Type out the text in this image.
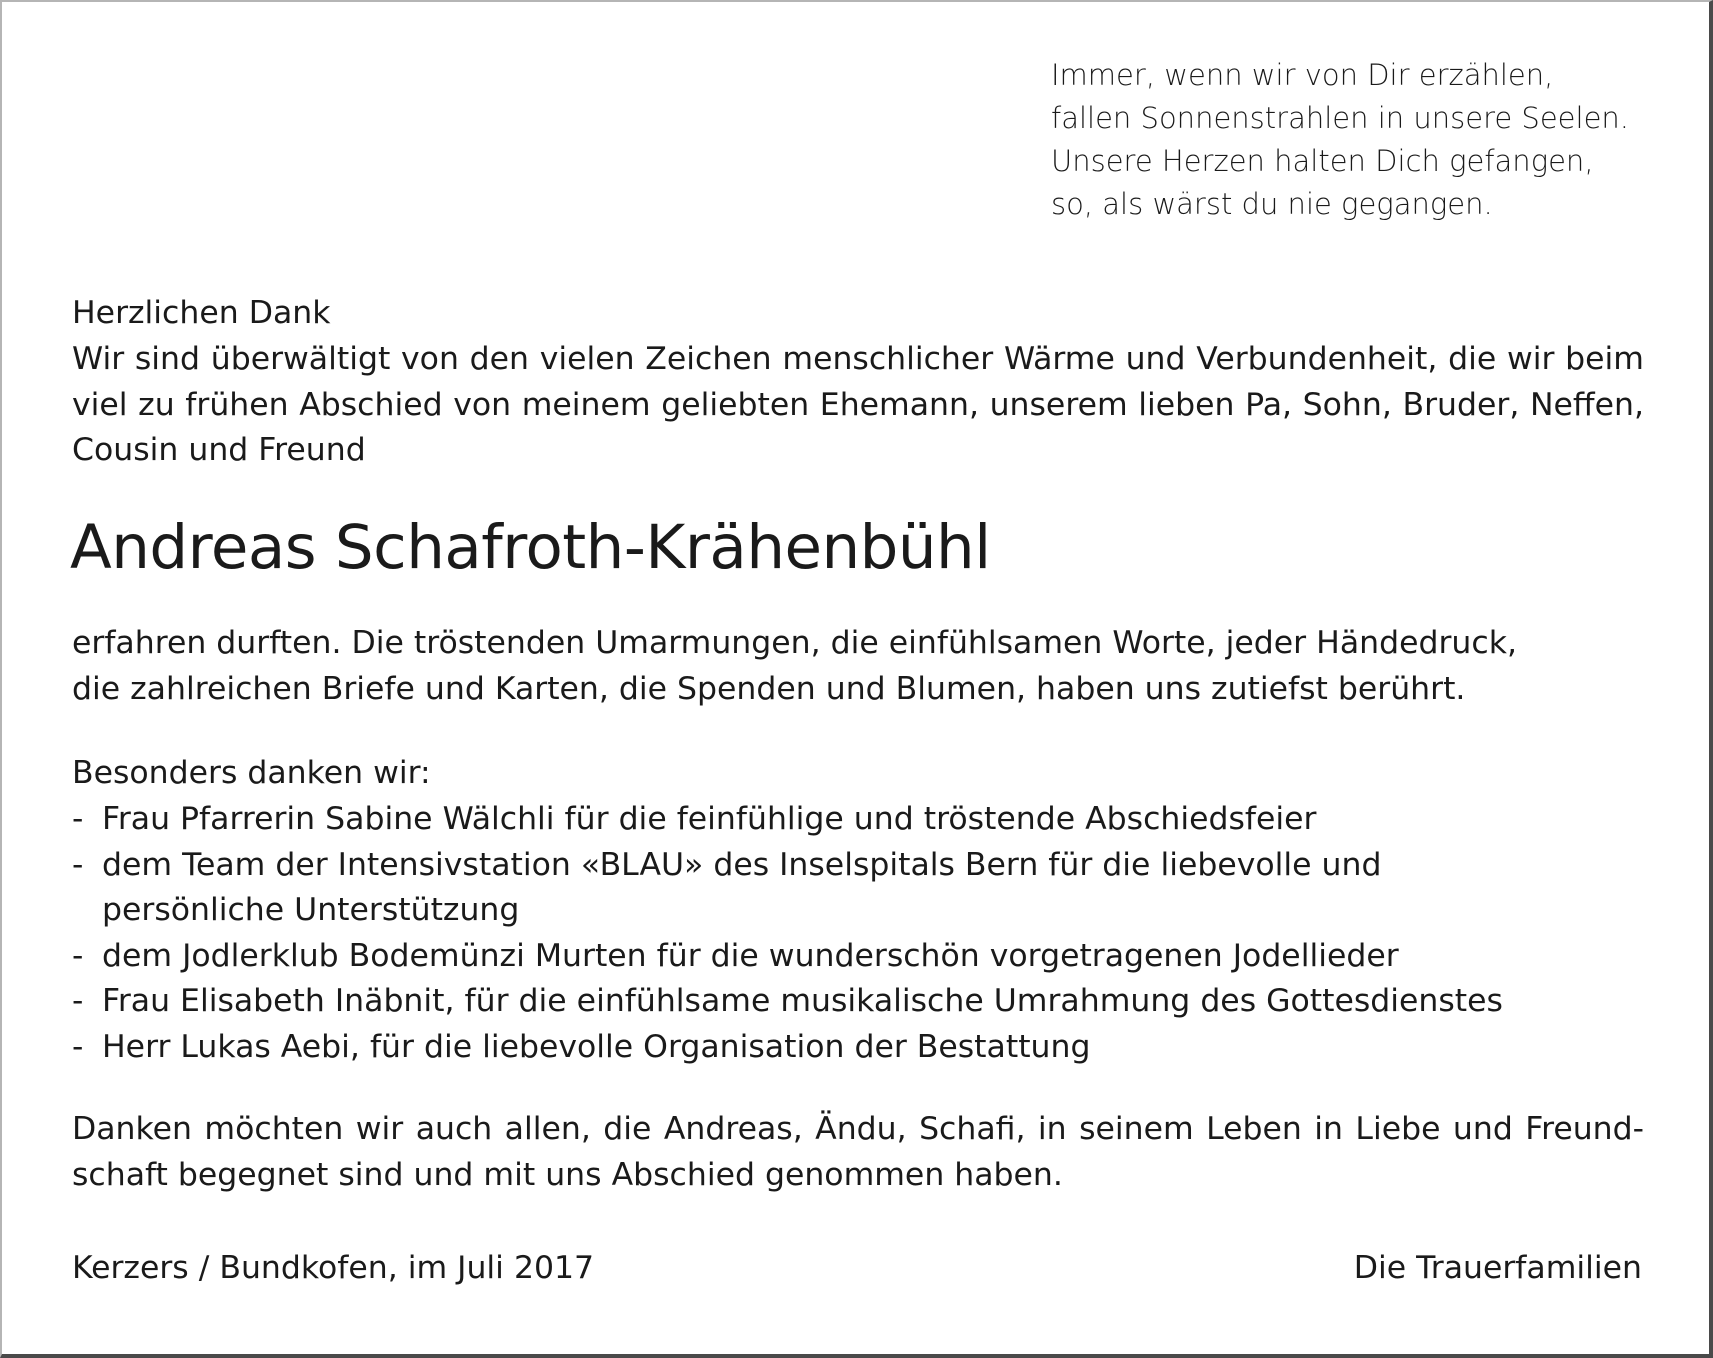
Immer, wenn wir von Dir erzählen,
fallen Sonnenstrahlen in unsere Seelen.
Unsere Herzen halten Dich gefangen,
so, als wärst du nie gegangen.
Herzlichen Dank
Wir sind überwältigt von den vielen Zeichen menschlicher Wärme und Verbundenheit, die wir beim viel zu frühen Abschied von meinem geliebten Ehemann, unserem lieben Pa, Sohn, Bruder, Neffen, Cousin und Freund
Andreas Schafroth-Krähenbühl
erfahren durften. Die tröstenden Umarmungen, die einfühlsamen Worte, jeder Händedruck,
die zahlreichen Briefe und Karten, die Spenden und Blumen, haben uns zutiefst berührt.
Besonders danken wir:
- Frau Pfarrerin Sabine Wälchli für die feinfühlige und tröstende Abschiedsfeier
- dem Team der Intensivstation «BLAU» des Inselspitals Bern für die liebevolle und persönliche Unterstützung
- dem Jodlerklub Bodemünzi Murten für die wunderschön vorgetragenen Jodellieder
- Frau Elisabeth Inäbnit, für die einfühlsame musikalische Umrahmung des Gottesdienstes
- Herr Lukas Aebi, für die liebevolle Organisation der Bestattung
Danken möchten wir auch allen, die Andreas, Ändu, Schafi, in seinem Leben in Liebe und Freund-schaft begegnet sind und mit uns Abschied genommen haben.
Kerzers / Bundkofen, im Juli 2017	Die Trauerfamilien
